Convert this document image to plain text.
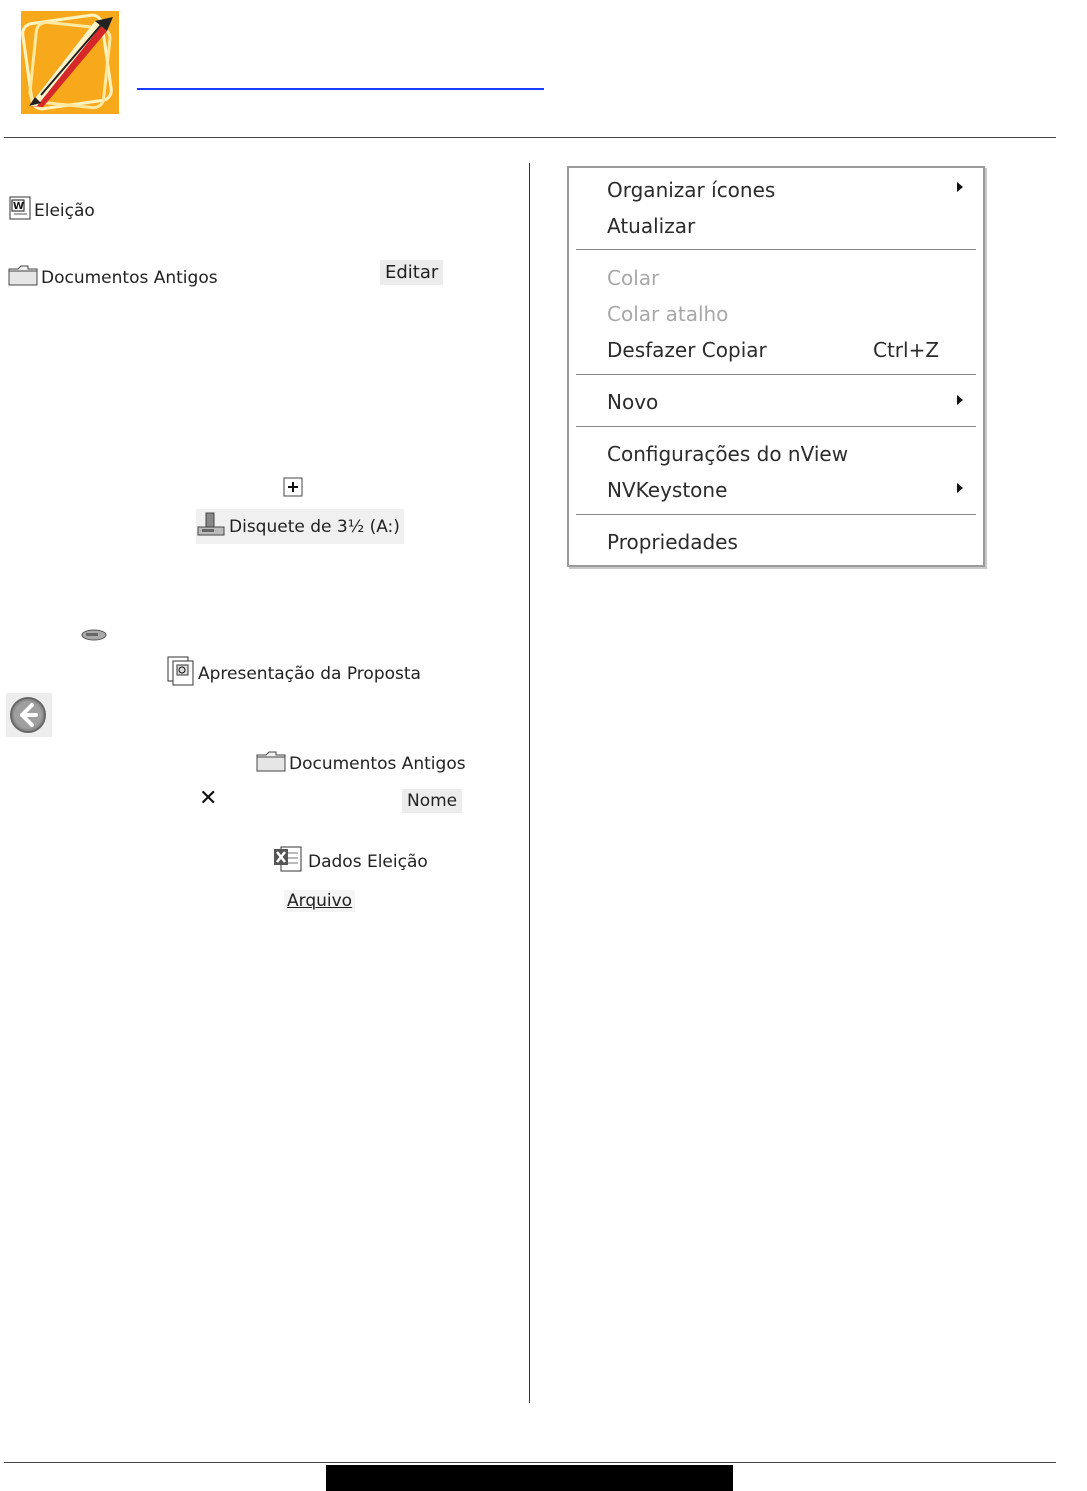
W Eleição
Documentos Antigos	Editar
Disquete de 3½ (A:)
Apresentação da Proposta
Documentos Antigos
✕	Nome
Dados Eleição
Arquivo
Organizar ícones
Atualizar
Colar
Colar atalho
Desfazer Copiar	Ctrl+Z
Novo
Configurações do nView
NVKeystone
Propriedades
